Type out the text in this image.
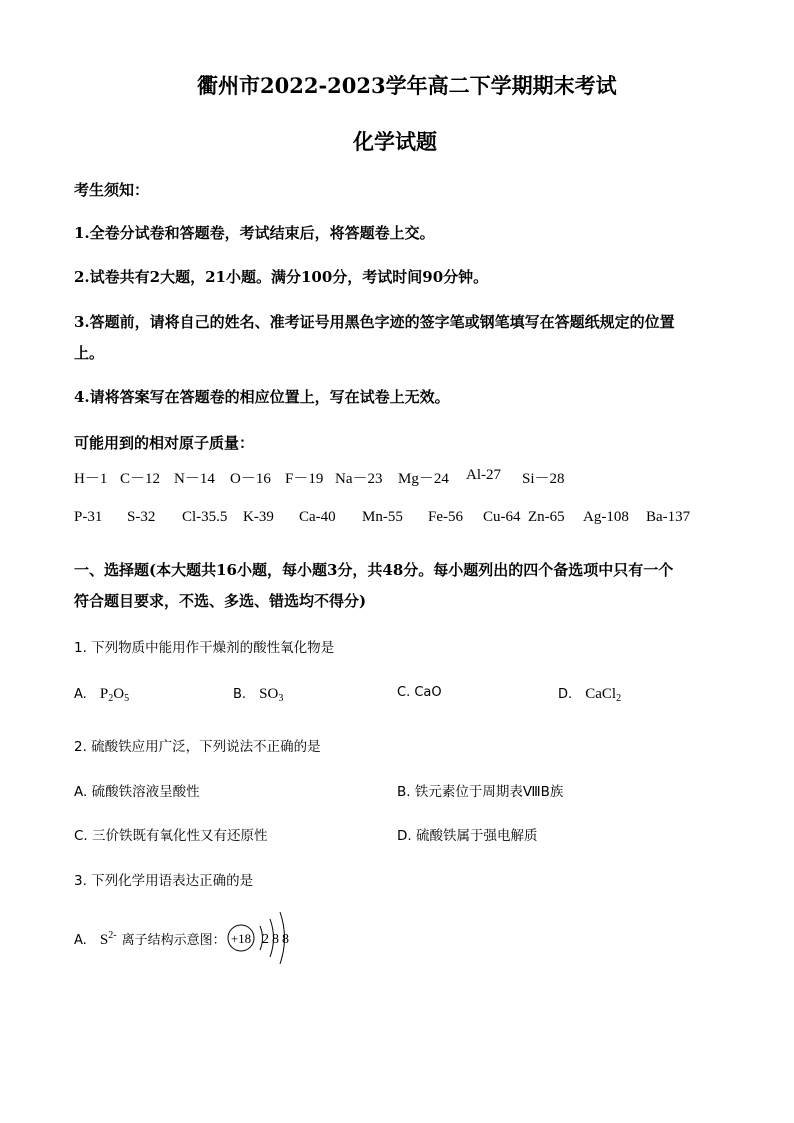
衢州市2022-2023学年高二下学期期末考试
化学试题
考生须知：
1.全卷分试卷和答题卷，考试结束后，将答题卷上交。
2.试卷共有2大题，21小题。满分100分，考试时间90分钟。
3.答题前，请将自己的姓名、准考证号用黑色字迹的签字笔或钢笔填写在答题纸规定的位置
上。
4.请将答案写在答题卷的相应位置上，写在试卷上无效。
可能用到的相对原子质量：
H－1 C－12 N－14 O－16 F－19 Na－23 Mg－24 Al-27 Si－28
P-31 S-32 Cl-35.5 K-39 Ca-40 Mn-55 Fe-56 Cu-64 Zn-65 Ag-108 Ba-137
一、选择题(本大题共16小题，每小题3分，共48分。每小题列出的四个备选项中只有一个
符合题目要求，不选、多选、错选均不得分)
1. 下列物质中能用作干燥剂的酸性氧化物是
A. $P_2O_5$	B. $SO_3$	C. CaO	D. CaCl$_2$
2. 硫酸铁应用广泛，下列说法不正确的是
A. 硫酸铁溶液呈酸性	B. 铁元素位于周期表ⅧB族
C. 三价铁既有氧化性又有还原性	D. 硫酸铁属于强电解质
3. 下列化学用语表达正确的是
A. $S^{2-}$ 离子结构示意图： +18 2 8 8
